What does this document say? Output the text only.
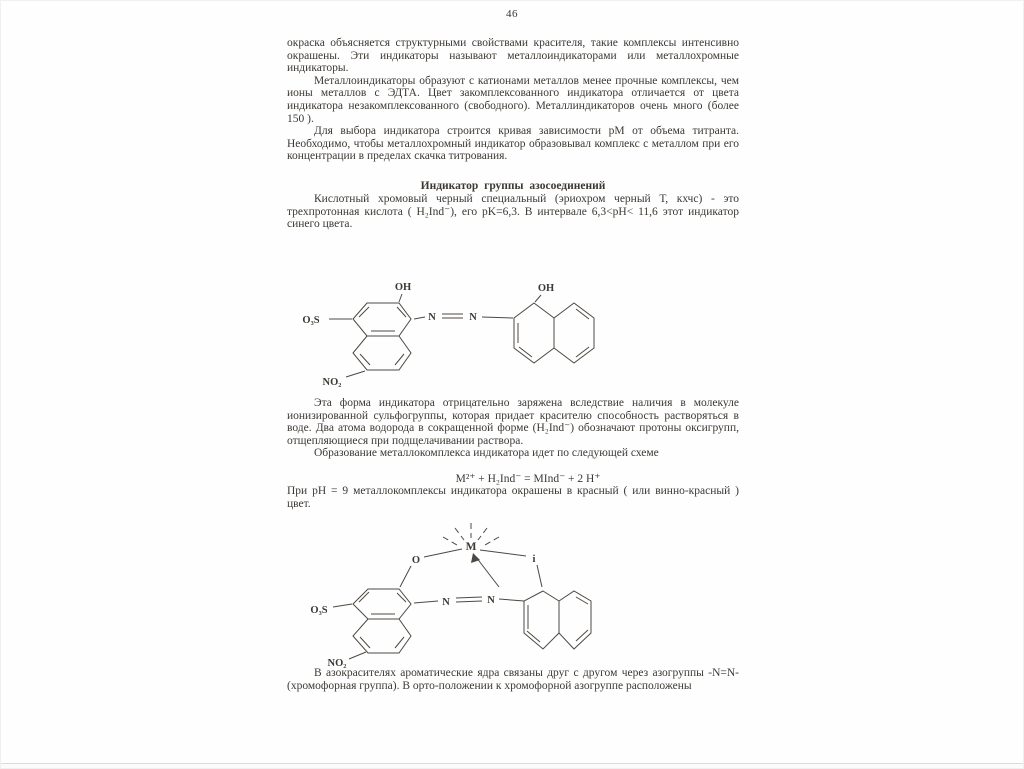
46

окраска объясняется структурными свойствами красителя, такие комплексы интенсивно окрашены. Эти индикаторы называют металлоиндикаторами или металлохромные индикаторы.

Металлоиндикаторы образуют с катионами металлов менее прочные комплексы, чем ионы металлов с ЭДТА. Цвет закомплексованного индикатора отличается от цвета индикатора незакомплексованного (свободного). Металлиндикаторов очень много (более 150 ).

Для выбора индикатора строится кривая зависимости pM от объема титранта. Необходимо, чтобы металлохромный индикатор образовывал комплекс с металлом при его концентрации в пределах скачка титрования.

Индикатор группы азосоединений

Кислотный хромовый черный специальный (эриохром черный Т, кхчс) - это трехпротонная кислота ( H₂Ind⁻), его pK=6,3. В интервале 6,3<pH< 11,6 этот индикатор синего цвета.

O₃S
OH
N	N
OH
NO₂

Эта форма индикатора отрицательно заряжена вследствие наличия в молекуле ионизированной сульфогруппы, которая придает красителю способность растворяться в воде. Два атома водорода в сокращенной форме (H₂Ind⁻) обозначают протоны оксигрупп, отщепляющиеся при подщелачивании раствора.

Образование металлокомплекса индикатора идет по следующей схеме

M²⁺ + H₂Ind⁻ = MInd⁻ + 2 H⁺

При pH = 9 металлокомплексы индикатора окрашены в красный ( или винно-красный ) цвет.

M
O	i
O₃S
N	N
NO₂

В азокрасителях ароматические ядра связаны друг с другом через азогруппы -N=N- (хромофорная группа). В орто-положении к хромофорной азогруппе расположены
